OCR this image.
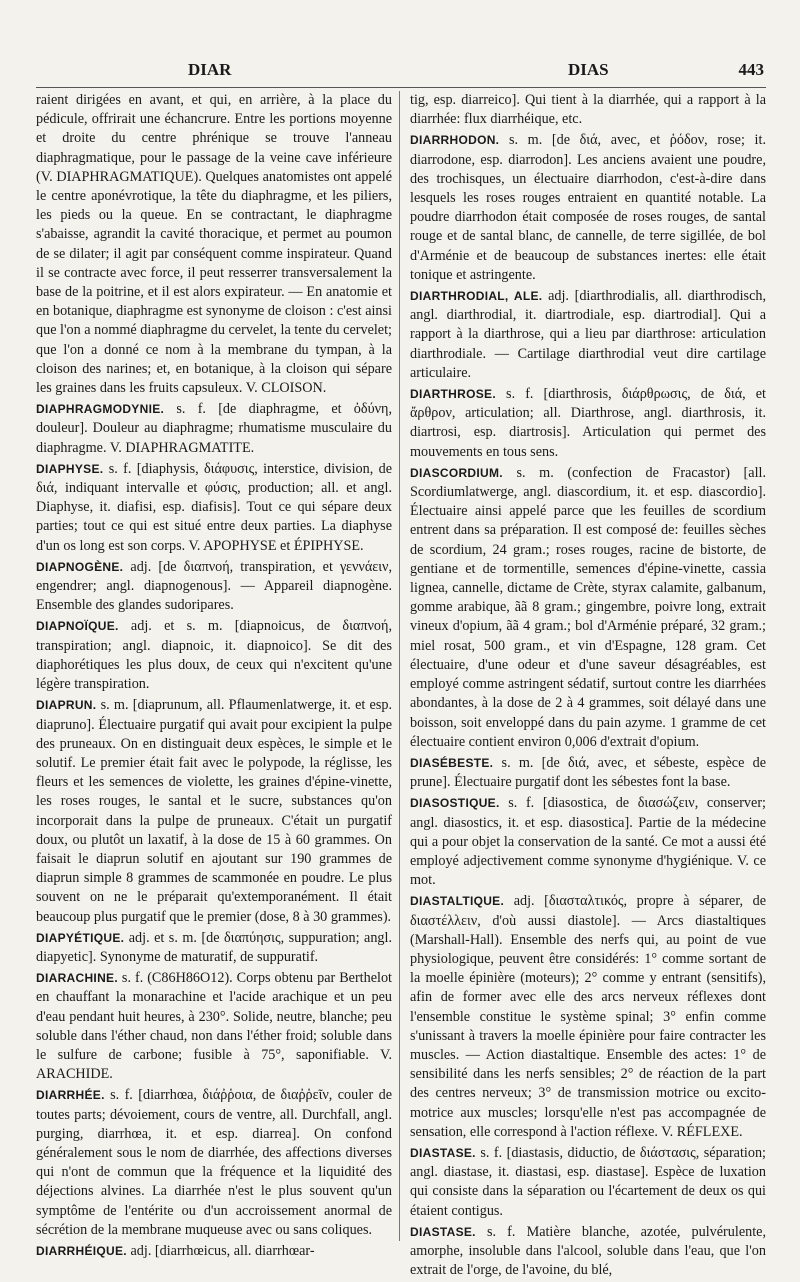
DIAR	DIAS	443

raient dirigées en avant, et qui, en arrière, à la place du pédicule, offrirait une échancrure. Entre les portions moyenne et droite du centre phrénique se trouve l'anneau diaphragmatique, pour le passage de la veine cave inférieure (V. DIAPHRAGMATIQUE). Quelques anatomistes ont appelé le centre aponévrotique, la tête du diaphragme, et les piliers, les pieds ou la queue. En se contractant, le diaphragme s'abaisse, agrandit la cavité thoracique, et permet au poumon de se dilater; il agit par conséquent comme inspirateur. Quand il se contracte avec force, il peut resserrer transversalement la base de la poitrine, et il est alors expirateur. — En anatomie et en botanique, diaphragme est synonyme de cloison : c'est ainsi que l'on a nommé diaphragme du cervelet, la tente du cervelet; que l'on a donné ce nom à la membrane du tympan, à la cloison des narines; et, en botanique, à la cloison qui sépare les graines dans les fruits capsuleux. V. CLOISON.

DIAPHRAGMODYNIE. s. f. [de diaphragme, et ὀδύνη, douleur]. Douleur au diaphragme; rhumatisme musculaire du diaphragme. V. DIAPHRAGMATITE.

DIAPHYSE. s. f. [diaphysis, διάφυσις, interstice, division, de διά, indiquant intervalle et φύσις, production; all. et angl. Diaphyse, it. diafisi, esp. diafisis]. Tout ce qui sépare deux parties; tout ce qui est situé entre deux parties. La diaphyse d'un os long est son corps. V. APOPHYSE et ÉPIPHYSE.

DIAPNOGÈNE. adj. [de διαπνοή, transpiration, et γεννάειν, engendrer; angl. diapnogenous]. — Appareil diapnogène. Ensemble des glandes sudoripares.

DIAPNOÏQUE. adj. et s. m. [diapnoicus, de διαπνοή, transpiration; angl. diapnoic, it. diapnoico]. Se dit des diaphorétiques les plus doux, de ceux qui n'excitent qu'une légère transpiration.

DIAPRUN. s. m. [diaprunum, all. Pflaumenlatwerge, it. et esp. diapruno]. Électuaire purgatif qui avait pour excipient la pulpe des pruneaux. On en distinguait deux espèces, le simple et le solutif. Le premier était fait avec le polypode, la réglisse, les fleurs et les semences de violette, les graines d'épine-vinette, les roses rouges, le santal et le sucre, substances qu'on incorporait dans la pulpe de pruneaux. C'était un purgatif doux, ou plutôt un laxatif, à la dose de 15 à 60 grammes. On faisait le diaprun solutif en ajoutant sur 190 grammes de diaprun simple 8 grammes de scammonée en poudre. Le plus souvent on ne le préparait qu'extemporanément. Il était beaucoup plus purgatif que le premier (dose, 8 à 30 grammes).

DIAPYÉTIQUE. adj. et s. m. [de διαπύησις, suppuration; angl. diapyetic]. Synonyme de maturatif, de suppuratif.

DIARACHINE. s. f. (C86H86O12). Corps obtenu par Berthelot en chauffant la monarachine et l'acide arachique et un peu d'eau pendant huit heures, à 230°. Solide, neutre, blanche; peu soluble dans l'éther chaud, non dans l'éther froid; soluble dans le sulfure de carbone; fusible à 75°, saponifiable. V. ARACHIDE.

DIARRHÉE. s. f. [diarrhœa, διάῤῥοια, de διαῤῥεῖν, couler de toutes parts; dévoiement, cours de ventre, all. Durchfall, angl. purging, diarrhœa, it. et esp. diarrea]. On confond généralement sous le nom de diarrhée, des affections diverses qui n'ont de commun que la fréquence et la liquidité des déjections alvines. La diarrhée n'est le plus souvent qu'un symptôme de l'entérite ou d'un accroissement anormal de sécrétion de la membrane muqueuse avec ou sans coliques.

DIARRHÉIQUE. adj. [diarrhœicus, all. diarrhœar-

tig, esp. diarreico]. Qui tient à la diarrhée, qui a rapport à la diarrhée: flux diarrhéique, etc.

DIARRHODON. s. m. [de διά, avec, et ῥόδον, rose; it. diarrodone, esp. diarrodon]. Les anciens avaient une poudre, des trochisques, un électuaire diarrhodon, c'est-à-dire dans lesquels les roses rouges entraient en quantité notable. La poudre diarrhodon était composée de roses rouges, de santal rouge et de santal blanc, de cannelle, de terre sigillée, de bol d'Arménie et de beaucoup de substances inertes: elle était tonique et astringente.

DIARTHRODIAL, ALE. adj. [diarthrodialis, all. diarthrodisch, angl. diarthrodial, it. diartrodiale, esp. diartrodial]. Qui a rapport à la diarthrose, qui a lieu par diarthrose: articulation diarthrodiale. — Cartilage diarthrodial veut dire cartilage articulaire.

DIARTHROSE. s. f. [diarthrosis, διάρθρωσις, de διά, et ἄρθρον, articulation; all. Diarthrose, angl. diarthrosis, it. diartrosi, esp. diartrosis]. Articulation qui permet des mouvements en tous sens.

DIASCORDIUM. s. m. (confection de Fracastor) [all. Scordiumlatwerge, angl. diascordium, it. et esp. diascordio]. Électuaire ainsi appelé parce que les feuilles de scordium entrent dans sa préparation. Il est composé de: feuilles sèches de scordium, 24 gram.; roses rouges, racine de bistorte, de gentiane et de tormentille, semences d'épine-vinette, cassia lignea, cannelle, dictame de Crète, styrax calamite, galbanum, gomme arabique, ãã 8 gram.; gingembre, poivre long, extrait vineux d'opium, ãã 4 gram.; bol d'Arménie préparé, 32 gram.; miel rosat, 500 gram., et vin d'Espagne, 128 gram. Cet électuaire, d'une odeur et d'une saveur désagréables, est employé comme astringent sédatif, surtout contre les diarrhées abondantes, à la dose de 2 à 4 grammes, soit délayé dans une boisson, soit enveloppé dans du pain azyme. 1 gramme de cet électuaire contient environ 0,006 d'extrait d'opium.

DIASÉBESTE. s. m. [de διά, avec, et sébeste, espèce de prune]. Électuaire purgatif dont les sébestes font la base.

DIASOSTIQUE. s. f. [diasostica, de διασώζειν, conserver; angl. diasostics, it. et esp. diasostica]. Partie de la médecine qui a pour objet la conservation de la santé. Ce mot a aussi été employé adjectivement comme synonyme d'hygiénique. V. ce mot.

DIASTALTIQUE. adj. [διασταλτικός, propre à séparer, de διαστέλλειν, d'où aussi diastole]. — Arcs diastaltiques (Marshall-Hall). Ensemble des nerfs qui, au point de vue physiologique, peuvent être considérés: 1° comme sortant de la moelle épinière (moteurs); 2° comme y entrant (sensitifs), afin de former avec elle des arcs nerveux réflexes dont l'ensemble constitue le système spinal; 3° enfin comme s'unissant à travers la moelle épinière pour faire contracter les muscles. — Action diastaltique. Ensemble des actes: 1° de sensibilité dans les nerfs sensibles; 2° de réaction de la part des centres nerveux; 3° de transmission motrice ou excito-motrice aux muscles; lorsqu'elle n'est pas accompagnée de sensation, elle correspond à l'action réflexe. V. RÉFLEXE.

DIASTASE. s. f. [diastasis, diductio, de διάστασις, séparation; angl. diastase, it. diastasi, esp. diastase]. Espèce de luxation qui consiste dans la séparation ou l'écartement de deux os qui étaient contigus.

DIASTASE. s. f. Matière blanche, azotée, pulvérulente, amorphe, insoluble dans l'alcool, soluble dans l'eau, que l'on extrait de l'orge, de l'avoine, du blé,
